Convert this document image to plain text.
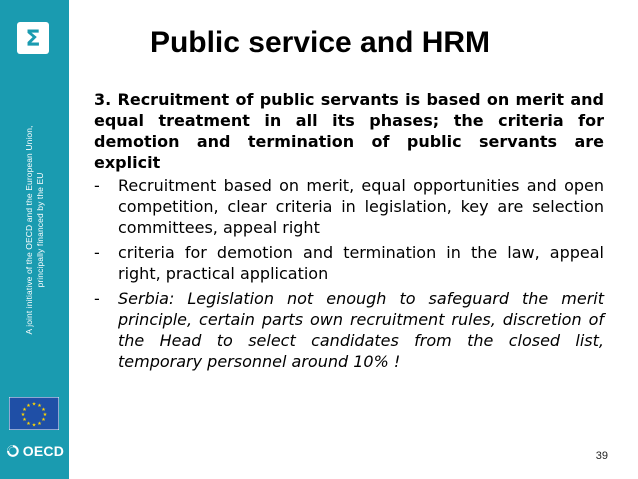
Σ
A joint initiative of the OECD and the European Union, principally financed by the EU
★ ★
★
★
★
★
★
★
★
★
★
★
OECD
Public service and HRM

3. Recruitment of public servants is based on merit and equal treatment in all its phases; the criteria for demotion and termination of public servants are explicit

-	Recruitment based on merit, equal opportunities and open competition, clear criteria in legislation, key are selection committees, appeal right
-	criteria for demotion and termination in the law, appeal right, practical application
-	Serbia: Legislation not enough to safeguard the merit principle, certain parts own recruitment rules, discretion of the Head to select candidates from the closed list, temporary personnel around 10% !
39
